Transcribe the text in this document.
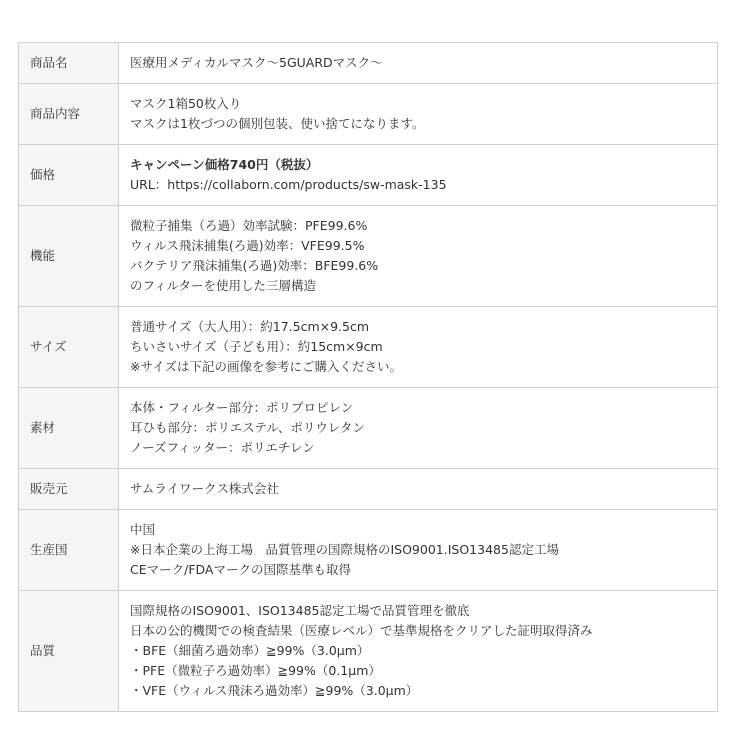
商品名	医療用メディカルマスク〜5GUARDマスク〜

商品内容	マスク1箱50枚入り
マスクは1枚づつの個別包装、使い捨てになります。

価格	キャンペーン価格740円（税抜）
URL：https://collaborn.com/products/sw-mask-135

機能	微粒子捕集（ろ過）効率試験：PFE99.6%
ウィルス飛沫捕集(ろ過)効率：VFE99.5%
バクテリア飛沫捕集(ろ過)効率：BFE99.6%
のフィルターを使用した三層構造

サイズ	普通サイズ（大人用）：約17.5cm×9.5cm
ちいさいサイズ（子ども用）：約15cm×9cm
※サイズは下記の画像を参考にご購入ください。

素材	本体・フィルター部分：ポリプロピレン
耳ひも部分：ポリエステル、ポリウレタン
ノーズフィッター：ポリエチレン

販売元	サムライワークス株式会社

生産国	中国
※日本企業の上海工場　品質管理の国際規格のISO9001.ISO13485認定工場
CEマーク/FDAマークの国際基準も取得

品質	国際規格のISO9001、ISO13485認定工場で品質管理を徹底
日本の公的機関での検査結果（医療レベル）で基準規格をクリアした証明取得済み
・BFE（細菌ろ過効率）≧99%（3.0μm）
・PFE（微粒子ろ過効率）≧99%（0.1μm）
・VFE（ウィルス飛沫ろ過効率）≧99%（3.0μm）
